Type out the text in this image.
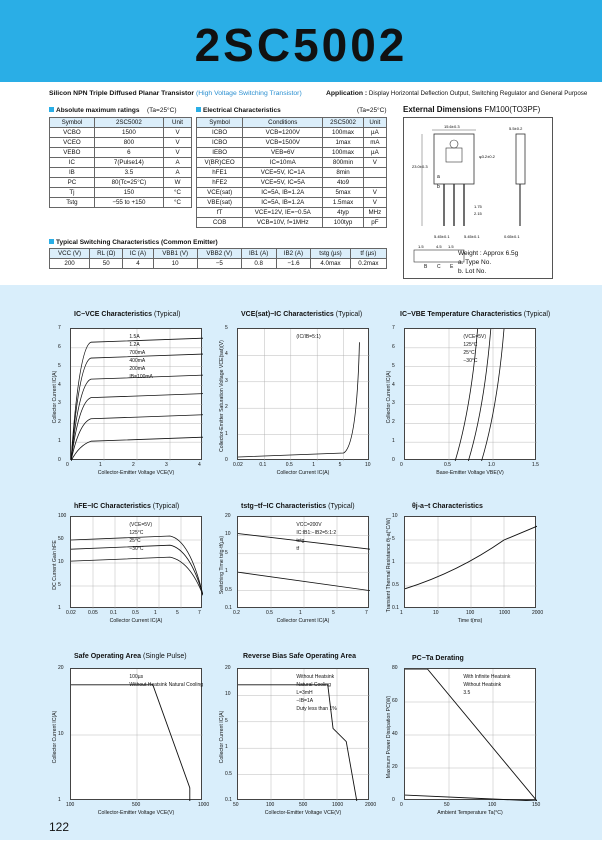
2SC5002
Silicon NPN Triple Diffused Planar Transistor (High Voltage Switching Transistor)	Application : Display Horizontal Deflection Output, Switching Regulator and General Purpose
Absolute maximum ratings (Ta=25°C)
Symbol	2SC5002	Unit
VCBO	1500	V
VCEO	800	V
VEBO	6	V
IC	7(Pulse14)	A
IB	3.5	A
PC	80(Tc=25°C)	W
Tj	150	°C
Tstg	−55 to +150	°C
Electrical Characteristics	(Ta=25°C)
Symbol	Conditions	2SC5002	Unit
ICBO	VCB=1200V	100max	µA
ICBO	VCB=1500V	1max	mA
IEBO	VEB=6V	100max	µA
V(BR)CEO	IC=10mA	800min	V
hFE1	VCE=5V, IC=1A	8min	
hFE2	VCE=5V, IC=5A	4to9	
VCE(sat)	IC=5A, IB=1.2A	5max	V
VBE(sat)	IC=5A, IB=1.2A	1.5max	V
fT	VCE=12V, IE=−0.5A	4typ	MHz
COB	VCB=10V, f=1MHz	100typ	pF
Typical Switching Characteristics (Common Emitter)
VCC (V)	RL (Ω)	IC (A)	VBB1 (V)	VBB2 (V)	IB1 (A)	IB2 (A)	tstg (µs)	tf (µs)
200	50	4	10	−5	0.8	−1.6	4.0max	0.2max
External Dimensions FM100(TO3PF)
15.6±0.3	5.5±0.2
23.0±0.3
φ3.2±0.2
a
b
1.75
2.15
5.45±0.1	5.45±0.1	0.65±0.1
1.5	4.5 1.5
B C E
Weight : Approx 6.5g
a. Type No.
b. Lot No.
IC−VCE Characteristics (Typical)
0	1	2	3	4
0
1
2
3
4
5
6
7
Collector-Emitter Voltage VCE(V)
Collector Current IC(A)
1.5A
1.2A
700mA
400mA
200mA
IB=100mA
VCE(sat)−IC Characteristics (Typical)
0.02	0.1	0.5	1	5	10
0
1
2
3
4
5
Collector Current IC(A)
Collector-Emitter Saturation Voltage VCE(sat)(V)
(IC/IB=5:1)
IC−VBE Temperature Characteristics (Typical)
0	0.5	1.0	1.5
0
1
2
3
4
5
6
7
Base-Emitter Voltage VBE(V)
Collector Current IC(A)
(VCE=5V)
125°C
25°C
−30°C
hFE−IC Characteristics (Typical)
0.02 0.05 0.1	0.5	1	5	7
1
5
10
50
100
Collector Current IC(A)
DC Current Gain hFE
(VCE=5V)
125°C
25°C
−30°C
tstg−tf−IC Characteristics (Typical)
0.2	0.5	1	5	7
0.1
0.5
1
5
10
20
Collector Current IC(A)
Switching Time tstg·tf(µs)
VCC=200V
IC:IB1:−IB2=5:1:2
tstg
tf
θj-a−t Characteristics
1	10	100	1000	2000
0.1
0.5
1
5
10
Time t(ms)
Transient Thermal Resistance θj-a(°C/W)
Safe Operating Area (Single Pulse)
100	500	1000
1
10
20
Collector-Emitter Voltage VCE(V)
Collector Current IC(A)
100µs
Without Heatsink Natural Cooling
Reverse Bias Safe Operating Area
50	100	500	1000	2000
0.1
0.5
1
5
10
20
Collector-Emitter Voltage VCE(V)
Collector Current IC(A)
Without Heatsink
Natural Cooling
L=3mH
−IB=1A
Duty less than 1%
PC−Ta Derating
0	50	100	150
0
20
40
60
80
Ambient Temperature Ta(°C)
Maximum Power Dissipation PC(W)
With Infinite Heatsink
Without Heatsink
3.5
122
